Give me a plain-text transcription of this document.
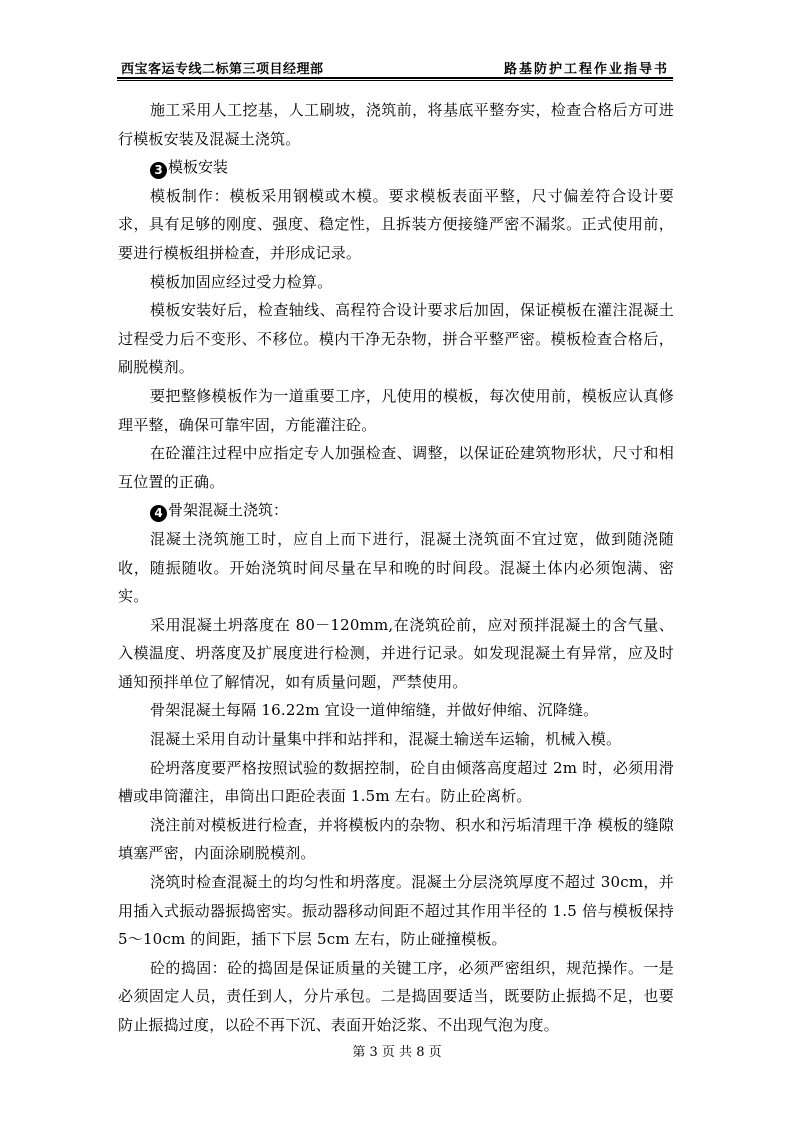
西宝客运专线二标第三项目经理部	路基防护工程作业指导书

施工采用人工挖基，人工刷坡，浇筑前，将基底平整夯实，检查合格后方可进行模板安装及混凝土浇筑。

3 模板安装

模板制作：模板采用钢模或木模。要求模板表面平整，尺寸偏差符合设计要求，具有足够的刚度、强度、稳定性，且拆装方便接缝严密不漏浆。正式使用前，要进行模板组拼检查，并形成记录。

模板加固应经过受力检算。

模板安装好后，检查轴线、高程符合设计要求后加固，保证模板在灌注混凝土过程受力后不变形、不移位。模内干净无杂物，拼合平整严密。模板检查合格后，刷脱模剂。

要把整修模板作为一道重要工序，凡使用的模板，每次使用前，模板应认真修理平整，确保可靠牢固，方能灌注砼。

在砼灌注过程中应指定专人加强检查、调整，以保证砼建筑物形状，尺寸和相互位置的正确。

4 骨架混凝土浇筑：

混凝土浇筑施工时，应自上而下进行，混凝土浇筑面不宜过宽，做到随浇随收，随振随收。开始浇筑时间尽量在早和晚的时间段。混凝土体内必须饱满、密实。

采用混凝土坍落度在 80－120mm,在浇筑砼前，应对预拌混凝土的含气量、入模温度、坍落度及扩展度进行检测，并进行记录。如发现混凝土有异常，应及时通知预拌单位了解情况，如有质量问题，严禁使用。

骨架混凝土每隔 16.22m 宜设一道伸缩缝，并做好伸缩、沉降缝。

混凝土采用自动计量集中拌和站拌和，混凝土输送车运输，机械入模。

砼坍落度要严格按照试验的数据控制，砼自由倾落高度超过 2m 时，必须用滑槽或串筒灌注，串筒出口距砼表面 1.5m 左右。防止砼离析。

浇注前对模板进行检查，并将模板内的杂物、积水和污垢清理干净 模板的缝隙填塞严密，内面涂刷脱模剂。

浇筑时检查混凝土的均匀性和坍落度。混凝土分层浇筑厚度不超过 30cm，并用插入式振动器振捣密实。振动器移动间距不超过其作用半径的 1.5 倍与模板保持 5～10cm 的间距，插下下层 5cm 左右，防止碰撞模板。

砼的捣固：砼的捣固是保证质量的关键工序，必须严密组织，规范操作。一是必须固定人员，责任到人，分片承包。二是捣固要适当，既要防止振捣不足，也要防止振捣过度，以砼不再下沉、表面开始泛浆、不出现气泡为度。

第 3 页 共 8 页
